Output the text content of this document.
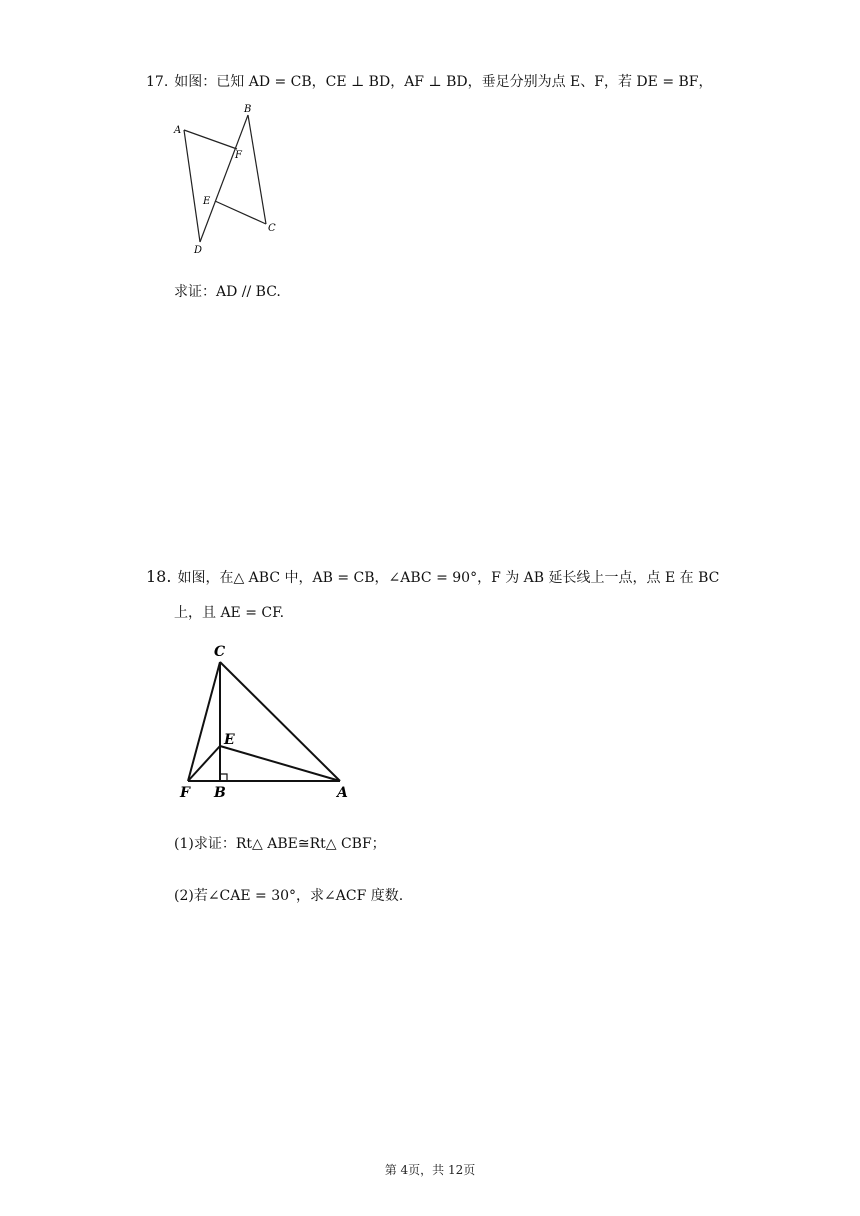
17. 如图：已知 AD = CB，CE ⊥ BD，AF ⊥ BD，垂足分别为点 E、F，若 DE = BF，
A
B
C
D
E
F
求证：AD // BC.
18. 如图，在△ ABC 中，AB = CB，∠ABC = 90°，F 为 AB 延长线上一点，点 E 在 BC
上，且 AE = CF.
C
E
F B	A
(1)求证：Rt△ ABE≅Rt△ CBF；
(2)若∠CAE = 30°，求∠ACF 度数.
第 4页，共 12页
